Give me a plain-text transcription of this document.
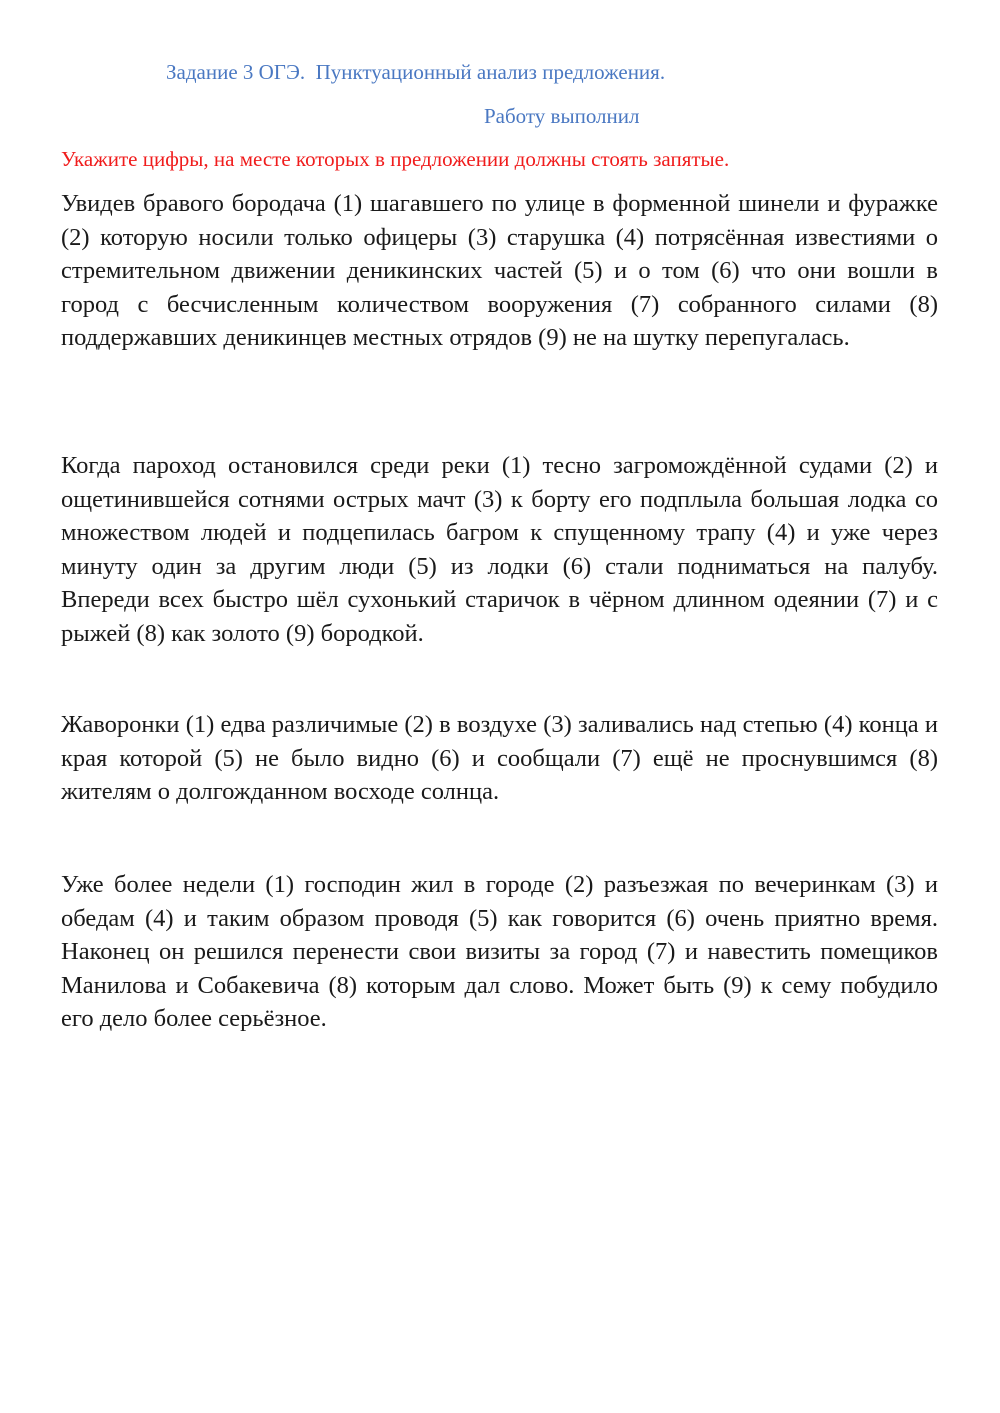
Задание 3 ОГЭ.  Пунктуационный анализ предложения.
Работу выполнил
Укажите цифры, на месте которых в предложении должны стоять запятые.

Увидев бравого бородача (1) шагавшего по улице в форменной шинели и фуражке (2) которую носили только офицеры (3) старушка (4) потрясённая известиями о стремительном движении деникинских частей (5) и о том (6) что они вошли в город с бесчисленным количеством вооружения (7) собранного силами (8) поддержавших деникинцев местных отрядов (9) не на шутку перепугалась.

Когда пароход остановился среди реки (1) тесно загромождённой судами (2) и ощетинившейся сотнями острых мачт (3) к борту его подплыла большая лодка со множеством людей и подцепилась багром к спущенному трапу (4) и уже через минуту один за другим люди (5) из лодки (6) стали подниматься на палубу. Впереди всех быстро шёл сухонький старичок в чёрном длинном одеянии (7) и с рыжей (8) как золото (9) бородкой.

Жаворонки (1) едва различимые (2) в воздухе (3) заливались над степью (4) конца и края которой (5) не было видно (6) и сообщали (7) ещё не проснувшимся (8) жителям о долгожданном восходе солнца.

Уже более недели (1) господин жил в городе (2) разъезжая по вечеринкам (3) и обедам (4) и таким образом проводя (5) как говорится (6) очень приятно время. Наконец он решился перенести свои визиты за город (7) и навестить помещиков Манилова и Собакевича (8) которым дал слово. Может быть (9) к сему побудило его дело более серьёзное.
